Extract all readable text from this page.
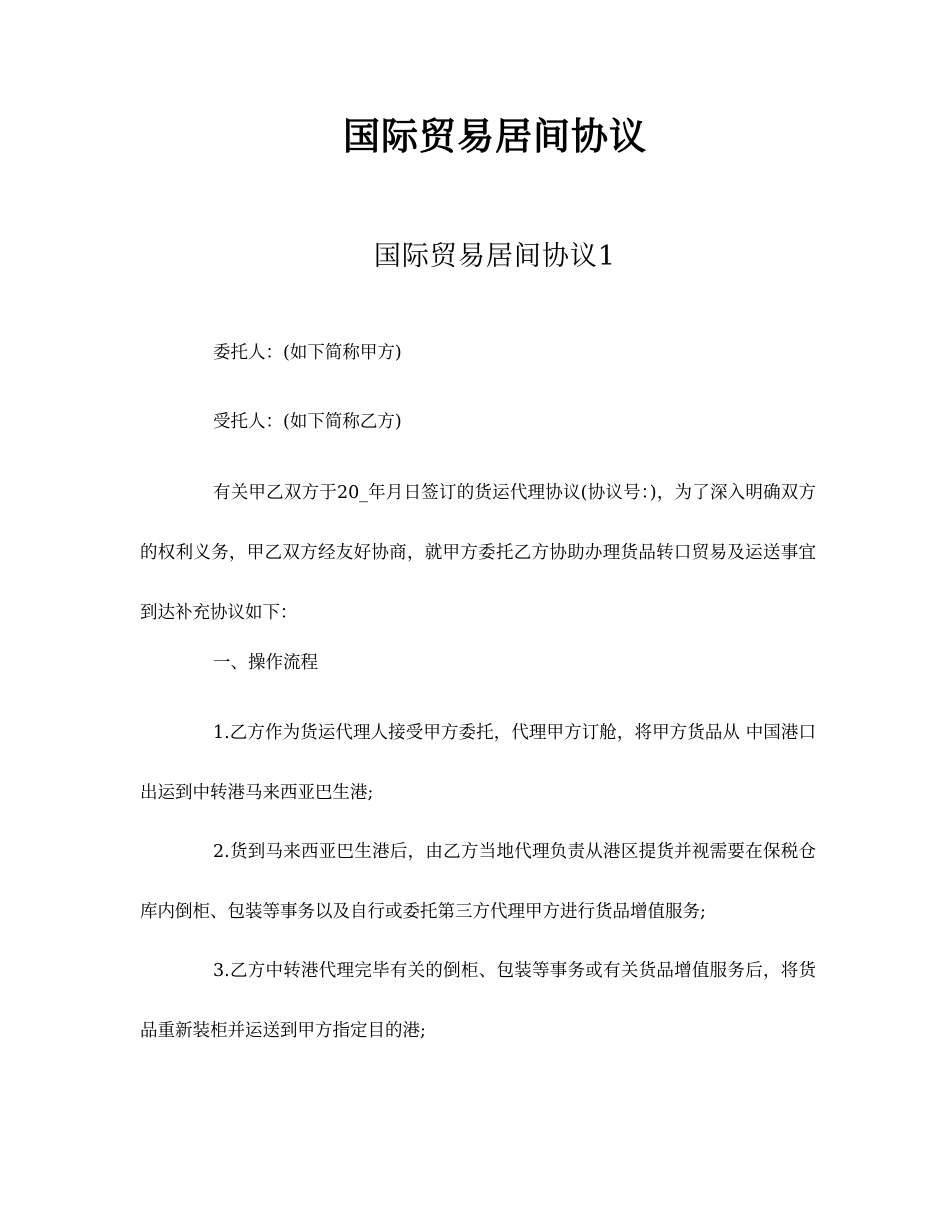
国际贸易居间协议
国际贸易居间协议1

委托人：(如下简称甲方)

受托人：(如下简称乙方)

有关甲乙双方于20_年月日签订的货运代理协议(协议号：)，为了深入明确双方的权利义务，甲乙双方经友好协商，就甲方委托乙方协助办理货品转口贸易及运送事宜到达补充协议如下：

一、操作流程

1.乙方作为货运代理人接受甲方委托，代理甲方订舱，将甲方货品从 中国港口出运到中转港马来西亚巴生港;

2.货到马来西亚巴生港后，由乙方当地代理负责从港区提货并视需要在保税仓库内倒柜、包装等事务以及自行或委托第三方代理甲方进行货品增值服务;

3.乙方中转港代理完毕有关的倒柜、包装等事务或有关货品增值服务后，将货品重新装柜并运送到甲方指定目的港;
